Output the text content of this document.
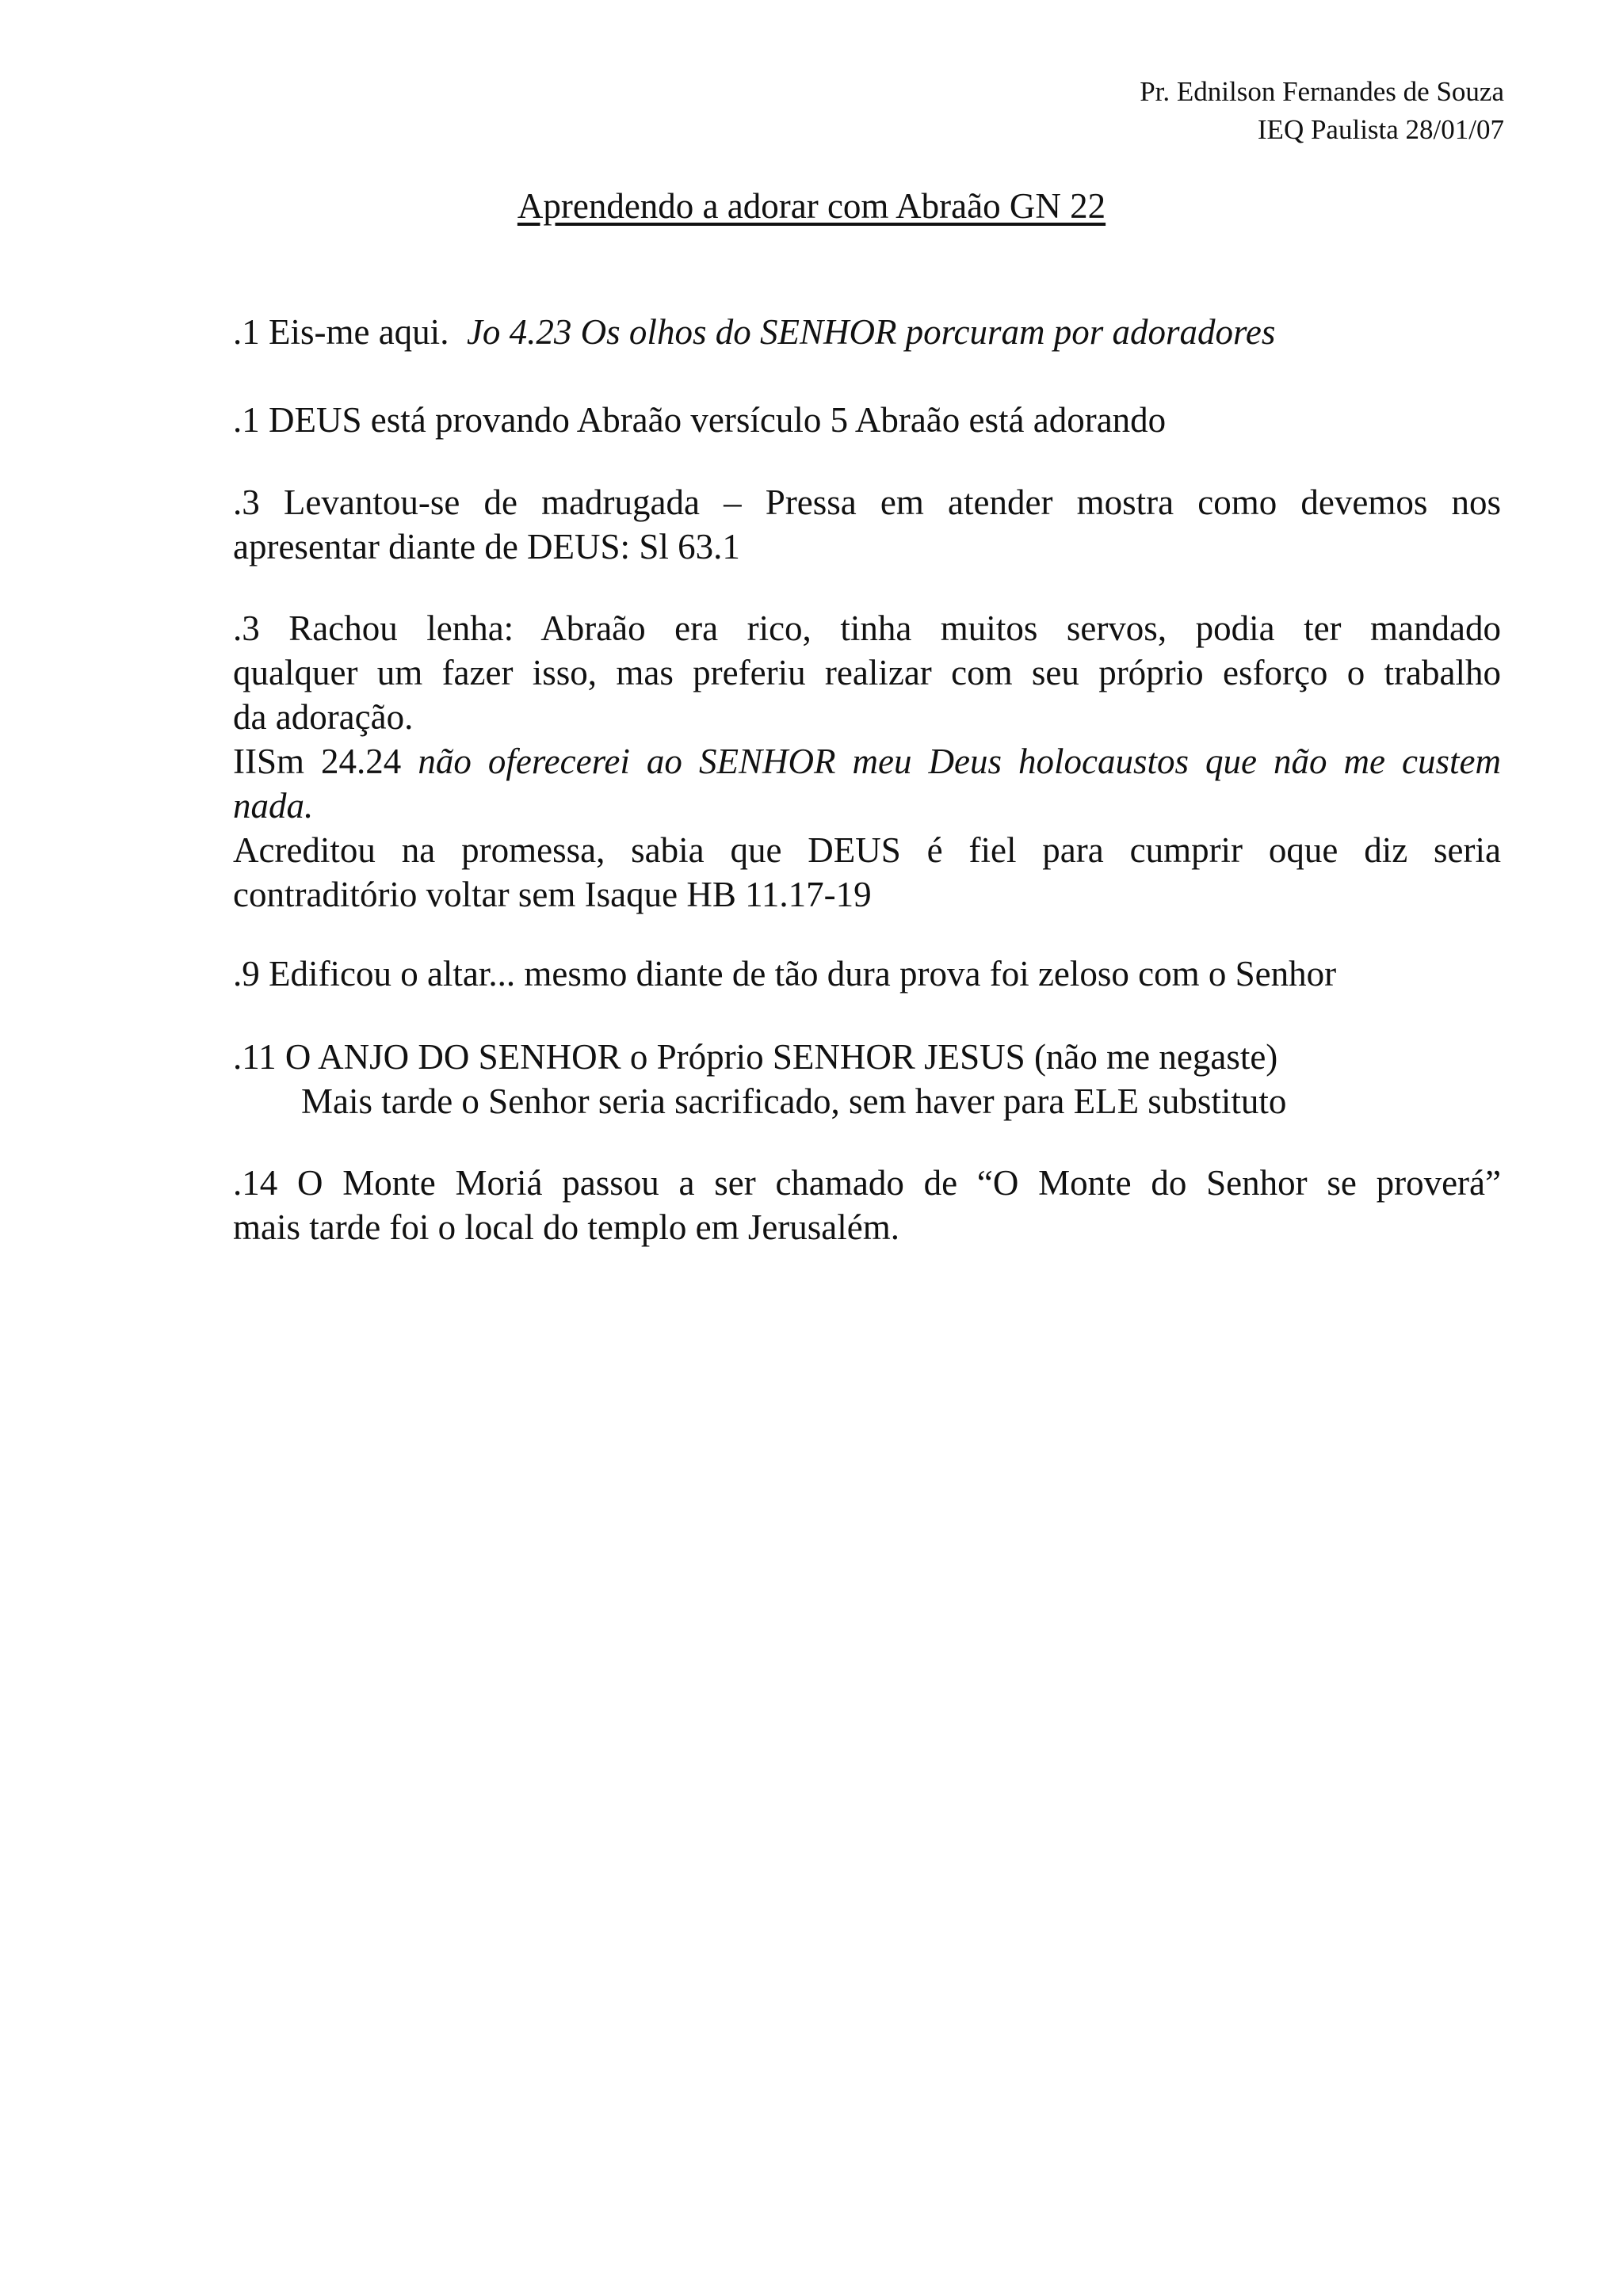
Pr. Ednilson Fernandes de Souza
IEQ Paulista 28/01/07
Aprendendo a adorar com Abraão GN 22

.1 Eis-me aqui. Jo 4.23 Os olhos do SENHOR porcuram por adoradores

.1 DEUS está provando Abraão versículo 5 Abraão está adorando

.3 Levantou-se de madrugada – Pressa em atender mostra como devemos nos
apresentar diante de DEUS: Sl 63.1
.3 Rachou lenha: Abraão era rico, tinha muitos servos, podia ter mandado
qualquer um fazer isso, mas preferiu realizar com seu próprio esforço o trabalho
da adoração.
IISm 24.24 não oferecerei ao SENHOR meu Deus holocaustos que não me custem
nada.
Acreditou na promessa, sabia que DEUS é fiel para cumprir oque diz seria
contraditório voltar sem Isaque HB 11.17-19

.9 Edificou o altar... mesmo diante de tão dura prova foi zeloso com o Senhor

.11 O ANJO DO SENHOR o Próprio SENHOR JESUS (não me negaste)
Mais tarde o Senhor seria sacrificado, sem haver para ELE substituto
.14 O Monte Moriá passou a ser chamado de “O Monte do Senhor se proverá”
mais tarde foi o local do templo em Jerusalém.
